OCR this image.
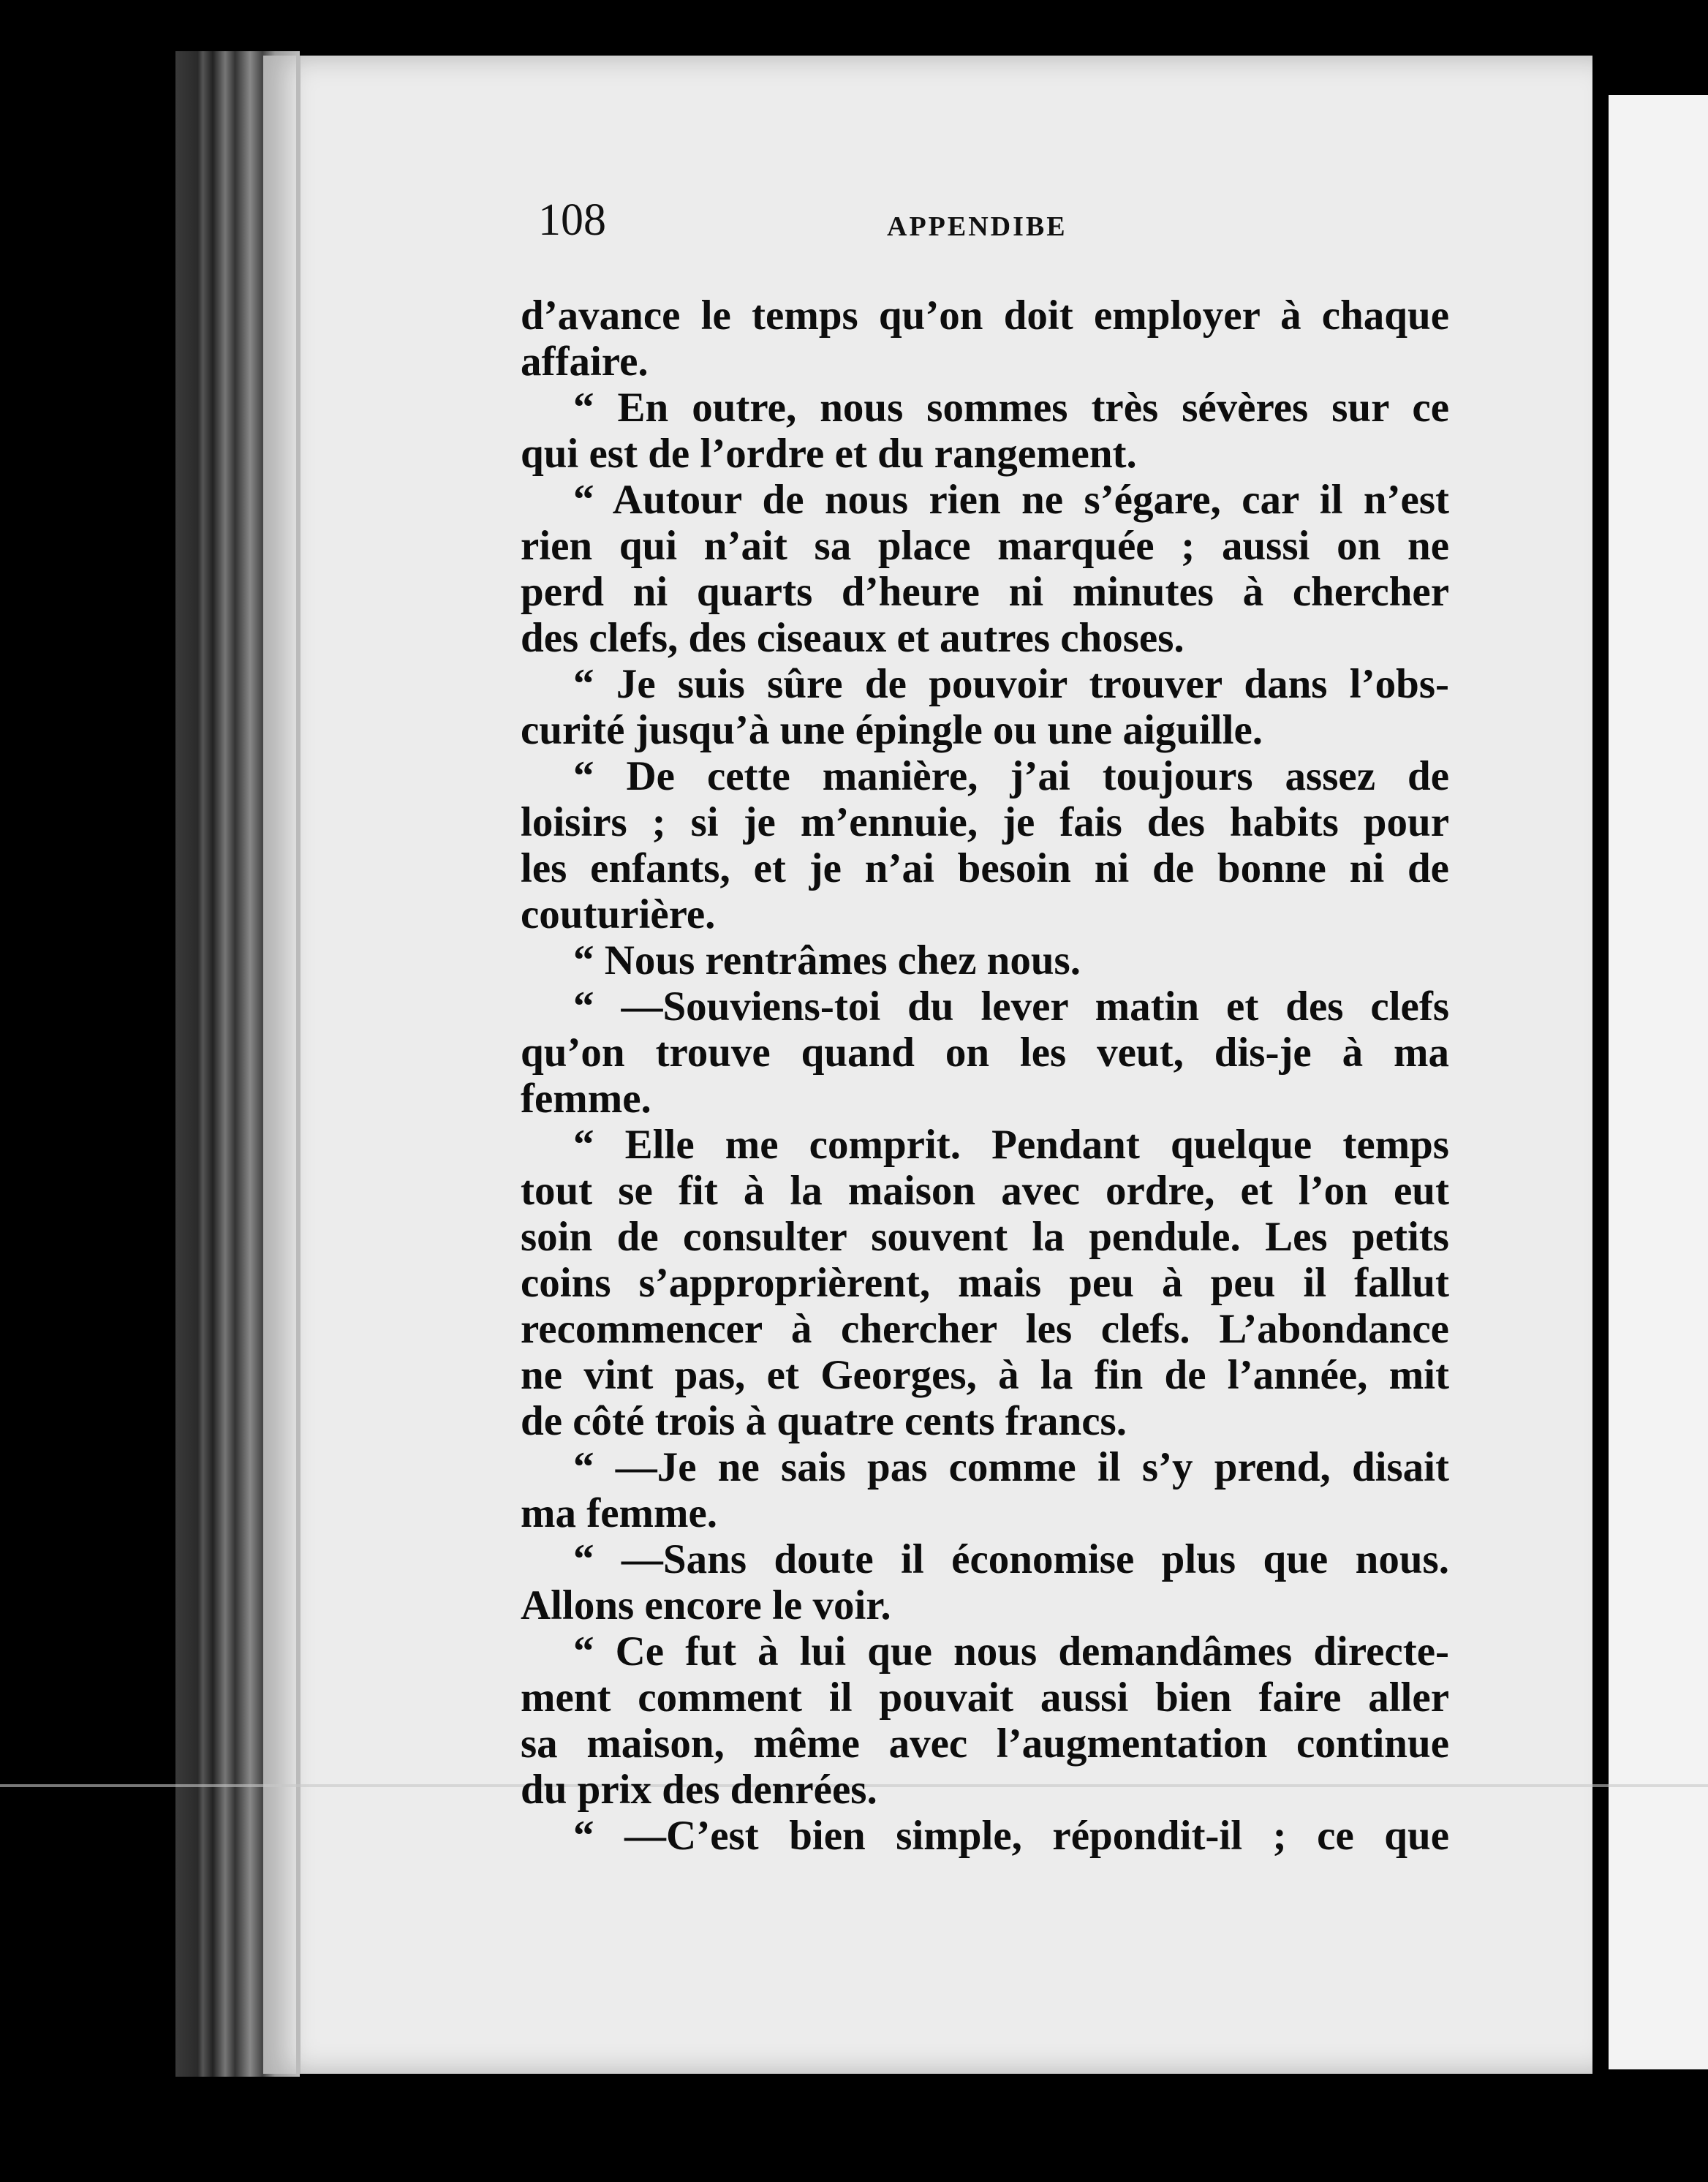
108	APPENDIBE
d’avance le temps qu’on doit employer à chaque
affaire.
“ En outre, nous sommes très sévères sur ce
qui est de l’ordre et du rangement.
“ Autour de nous rien ne s’égare, car il n’est
rien qui n’ait sa place marquée ; aussi on ne
perd ni quarts d’heure ni minutes à chercher
des clefs, des ciseaux et autres choses.
“ Je suis sûre de pouvoir trouver dans l’obs-
curité jusqu’à une épingle ou une aiguille.
“ De cette manière, j’ai toujours assez de
loisirs ; si je m’ennuie, je fais des habits pour
les enfants, et je n’ai besoin ni de bonne ni de
couturière.
“ Nous rentrâmes chez nous.
“ —Souviens-toi du lever matin et des clefs
qu’on trouve quand on les veut, dis-je à ma
femme.
“ Elle me comprit. Pendant quelque temps
tout se fit à la maison avec ordre, et l’on eut
soin de consulter souvent la pendule. Les petits
coins s’approprièrent, mais peu à peu il fallut
recommencer à chercher les clefs. L’abondance
ne vint pas, et Georges, à la fin de l’année, mit
de côté trois à quatre cents francs.
“ —Je ne sais pas comme il s’y prend, disait
ma femme.
“ —Sans doute il économise plus que nous.
Allons encore le voir.
“ Ce fut à lui que nous demandâmes directe-
ment comment il pouvait aussi bien faire aller
sa maison, même avec l’augmentation continue
du prix des denrées.
“ —C’est bien simple, répondit-il ; ce que
